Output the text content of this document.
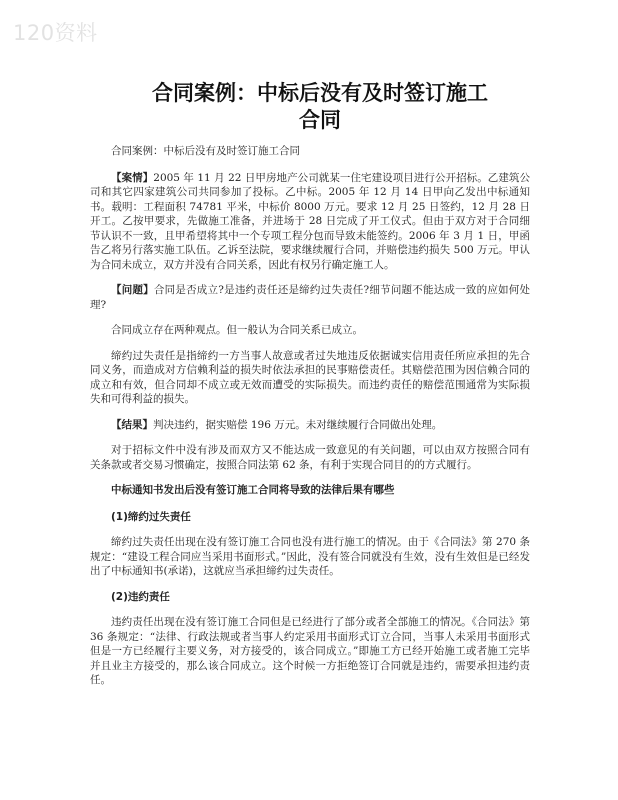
120资料
合同案例：中标后没有及时签订施工
合同

合同案例：中标后没有及时签订施工合同

【案情】2005 年 11 月 22 日甲房地产公司就某一住宅建设项目进行公开招标。乙建筑公司和其它四家建筑公司共同参加了投标。乙中标。2005 年 12 月 14 日甲向乙发出中标通知书。载明：工程面积 74781 平米，中标价 8000 万元。要求 12 月 25 日签约，12 月 28 日开工。乙按甲要求，先做施工准备，并进场于 28 日完成了开工仪式。但由于双方对于合同细节认识不一致，且甲希望将其中一个专项工程分包而导致未能签约。2006 年 3 月 1 日，甲函告乙将另行落实施工队伍。乙诉至法院，要求继续履行合同，并赔偿违约损失 500 万元。甲认为合同未成立，双方并没有合同关系，因此有权另行确定施工人。

【问题】合同是否成立?是违约责任还是缔约过失责任?细节问题不能达成一致的应如何处理?

合同成立存在两种观点。但一般认为合同关系已成立。

缔约过失责任是指缔约一方当事人故意或者过失地违反依据诚实信用责任所应承担的先合同义务，而造成对方信赖利益的损失时依法承担的民事赔偿责任。其赔偿范围为因信赖合同的成立和有效，但合同却不成立或无效而遭受的实际损失。而违约责任的赔偿范围通常为实际损失和可得利益的损失。

【结果】判决违约，据实赔偿 196 万元。未对继续履行合同做出处理。

对于招标文件中没有涉及而双方又不能达成一致意见的有关问题，可以由双方按照合同有关条款或者交易习惯确定，按照合同法第 62 条，有利于实现合同目的的方式履行。

中标通知书发出后没有签订施工合同将导致的法律后果有哪些

(1)缔约过失责任

缔约过失责任出现在没有签订施工合同也没有进行施工的情况。由于《合同法》第 270 条规定：“建设工程合同应当采用书面形式。”因此，没有签合同就没有生效，没有生效但是已经发出了中标通知书(承诺)，这就应当承担缔约过失责任。

(2)违约责任

违约责任出现在没有签订施工合同但是已经进行了部分或者全部施工的情况。《合同法》第 36 条规定：“法律、行政法规或者当事人约定采用书面形式订立合同，当事人未采用书面形式但是一方已经履行主要义务，对方接受的，该合同成立。”即施工方已经开始施工或者施工完毕并且业主方接受的，那么该合同成立。这个时候一方拒绝签订合同就是违约，需要承担违约责任。
